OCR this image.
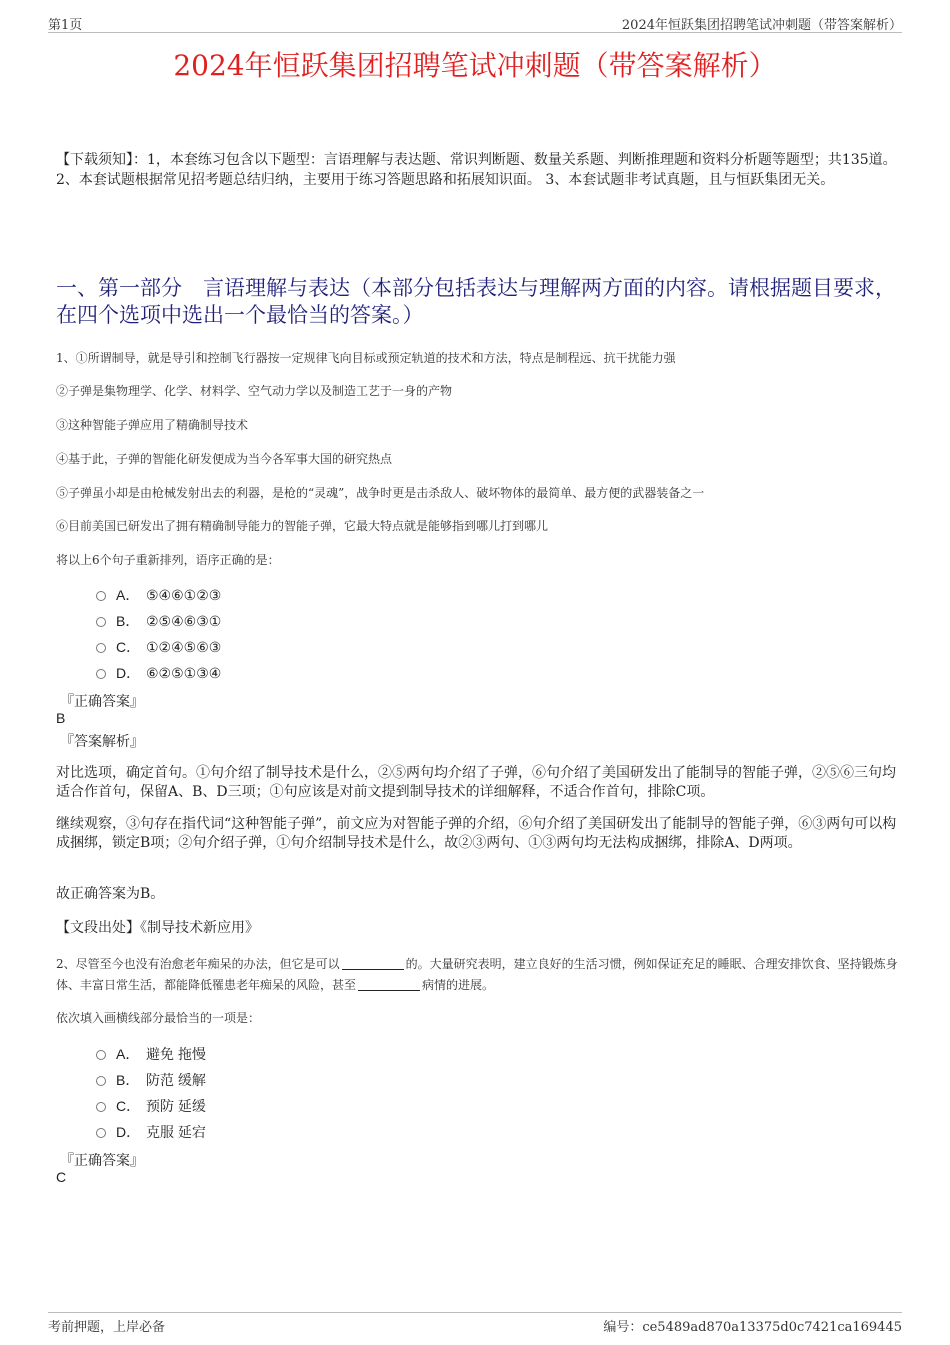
第1页	2024年恒跃集团招聘笔试冲刺题（带答案解析）
2024年恒跃集团招聘笔试冲刺题（带答案解析）
【下载须知】：1，本套练习包含以下题型：言语理解与表达题、常识判断题、数量关系题、判断推理题和资料分析题等题型；共135道。 2、本套试题根据常见招考题总结归纳，主要用于练习答题思路和拓展知识面。 3、本套试题非考试真题，且与恒跃集团无关。
一、第一部分　言语理解与表达（本部分包括表达与理解两方面的内容。请根据题目要求，在四个选项中选出一个最恰当的答案。）
1、①所谓制导，就是导引和控制飞行器按一定规律飞向目标或预定轨道的技术和方法，特点是制程远、抗干扰能力强
②子弹是集物理学、化学、材料学、空气动力学以及制造工艺于一身的产物
③这种智能子弹应用了精确制导技术
④基于此，子弹的智能化研发便成为当今各军事大国的研究热点
⑤子弹虽小却是由枪械发射出去的利器，是枪的“灵魂”，战争时更是击杀敌人、破坏物体的最简单、最方便的武器装备之一
⑥目前美国已研发出了拥有精确制导能力的智能子弹，它最大特点就是能够指到哪儿打到哪儿
将以上6个句子重新排列，语序正确的是：
A． ⑤④⑥①②③
B． ②⑤④⑥③①
C． ①②④⑤⑥③
D． ⑥②⑤①③④
『正确答案』
B
『答案解析』
对比选项，确定首句。①句介绍了制导技术是什么，②⑤两句均介绍了子弹，⑥句介绍了美国研发出了能制导的智能子弹，②⑤⑥三句均适合作首句，保留A、B、D三项；①句应该是对前文提到制导技术的详细解释，不适合作首句，排除C项。
继续观察，③句存在指代词“这种智能子弹”，前文应为对智能子弹的介绍，⑥句介绍了美国研发出了能制导的智能子弹，⑥③两句可以构成捆绑，锁定B项；②句介绍子弹，①句介绍制导技术是什么，故②③两句、①③两句均无法构成捆绑，排除A、D两项。
故正确答案为B。
【文段出处】《制导技术新应用》
2、尽管至今也没有治愈老年痴呆的办法，但它是可以	的。大量研究表明，建立良好的生活习惯，例如保证充足的睡眠、合理安排饮食、坚持锻炼身体、丰富日常生活，都能降低罹患老年痴呆的风险，甚至	病情的进展。
依次填入画横线部分最恰当的一项是：
A． 避免 拖慢
B． 防范 缓解
C． 预防 延缓
D． 克服 延宕
『正确答案』
C
考前押题，上岸必备	编号：ce5489ad870a13375d0c7421ca169445
